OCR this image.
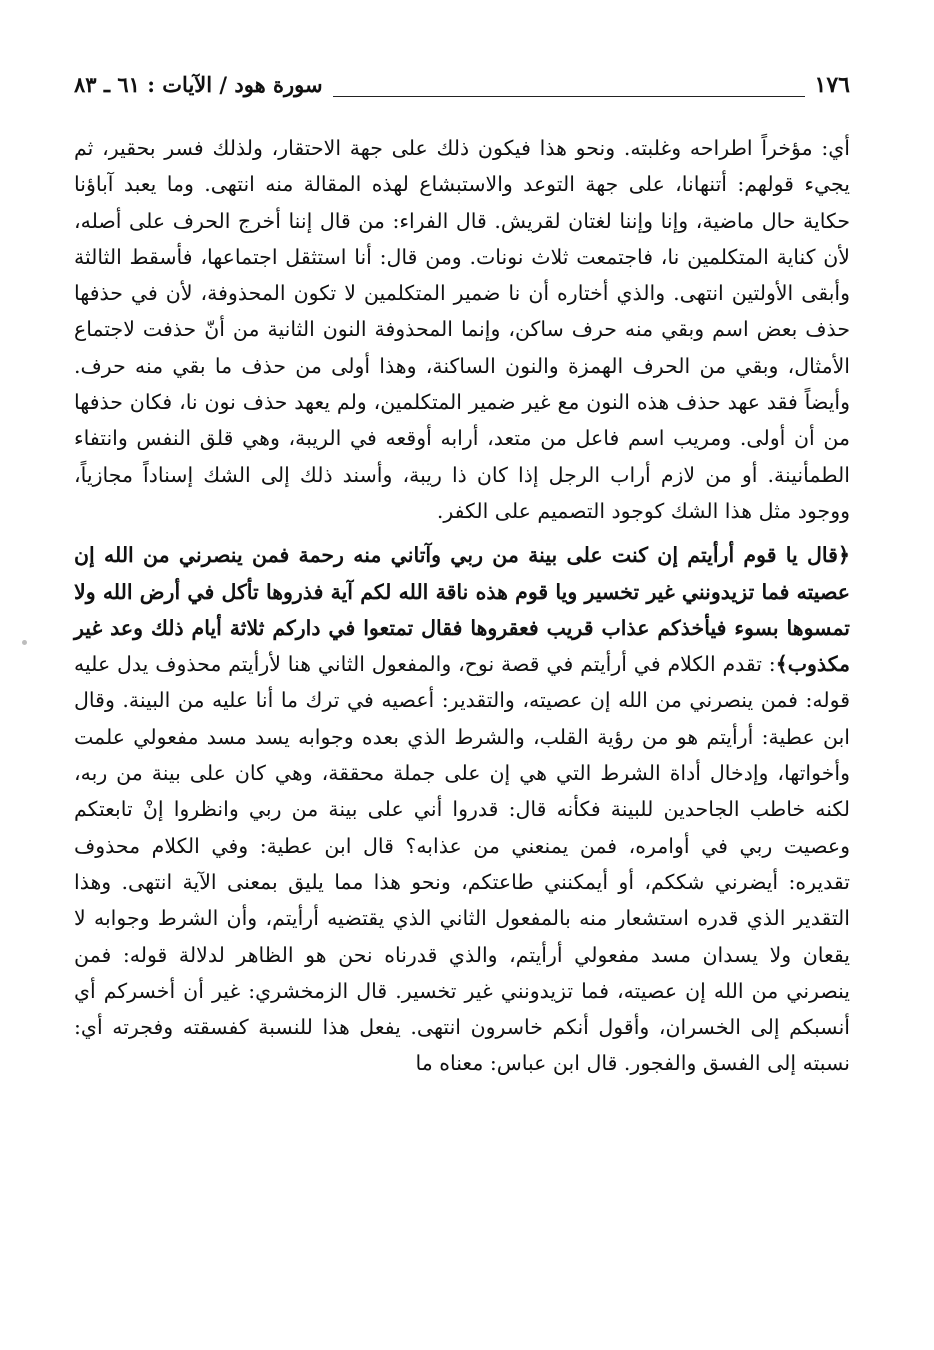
١٧٦
سورة هود / الآيات : ٦١ ـ ٨٣

أي: مؤخراً اطراحه وغلبته. ونحو هذا فيكون ذلك على جهة الاحتقار، ولذلك فسر بحقير، ثم يجيء قولهم: أتنهانا، على جهة التوعد والاستبشاع لهذه المقالة منه انتهى. وما يعبد آباؤنا حكاية حال ماضية، وإنا وإننا لغتان لقريش. قال الفراء: من قال إننا أخرج الحرف على أصله، لأن كناية المتكلمين نا، فاجتمعت ثلاث نونات. ومن قال: أنا استثقل اجتماعها، فأسقط الثالثة وأبقى الأولتين انتهى. والذي أختاره أن نا ضمير المتكلمين لا تكون المحذوفة، لأن في حذفها حذف بعض اسم وبقي منه حرف ساكن، وإنما المحذوفة النون الثانية من أنّ حذفت لاجتماع الأمثال، وبقي من الحرف الهمزة والنون الساكنة، وهذا أولى من حذف ما بقي منه حرف. وأيضاً فقد عهد حذف هذه النون مع غير ضمير المتكلمين، ولم يعهد حذف نون نا، فكان حذفها من أن أولى. ومريب اسم فاعل من متعد، أرابه أوقعه في الريبة، وهي قلق النفس وانتفاء الطمأنينة. أو من لازم أراب الرجل إذا كان ذا ريبة، وأسند ذلك إلى الشك إسناداً مجازياً، ووجود مثل هذا الشك كوجود التصميم على الكفر.

﴿قال يا قوم أرأيتم إن كنت على بينة من ربي وآتاني منه رحمة فمن ينصرني من الله إن عصيته فما تزيدونني غير تخسير ويا قوم هذه ناقة الله لكم آية فذروها تأكل في أرض الله ولا تمسوها بسوء فيأخذكم عذاب قريب فعقروها فقال تمتعوا في داركم ثلاثة أيام ذلك وعد غير مكذوب﴾: تقدم الكلام في أرأيتم في قصة نوح، والمفعول الثاني هنا لأرأيتم محذوف يدل عليه قوله: فمن ينصرني من الله إن عصيته، والتقدير: أعصيه في ترك ما أنا عليه من البينة. وقال ابن عطية: أرأيتم هو من رؤية القلب، والشرط الذي بعده وجوابه يسد مسد مفعولي علمت وأخواتها، وإدخال أداة الشرط التي هي إن على جملة محققة، وهي كان على بينة من ربه، لكنه خاطب الجاحدين للبينة فكأنه قال: قدروا أني على بينة من ربي وانظروا إنْ تابعتكم وعصيت ربي في أوامره، فمن يمنعني من عذابه؟ قال ابن عطية: وفي الكلام محذوف تقديره: أيضرني شككم، أو أيمكنني طاعتكم، ونحو هذا مما يليق بمعنى الآية انتهى. وهذا التقدير الذي قدره استشعار منه بالمفعول الثاني الذي يقتضيه أرأيتم، وأن الشرط وجوابه لا يقعان ولا يسدان مسد مفعولي أرأيتم، والذي قدرناه نحن هو الظاهر لدلالة قوله: فمن ينصرني من الله إن عصيته، فما تزيدونني غير تخسير. قال الزمخشري: غير أن أخسركم أي أنسبكم إلى الخسران، وأقول أنكم خاسرون انتهى. يفعل هذا للنسبة كفسقته وفجرته أي: نسبته إلى الفسق والفجور. قال ابن عباس: معناه ما
